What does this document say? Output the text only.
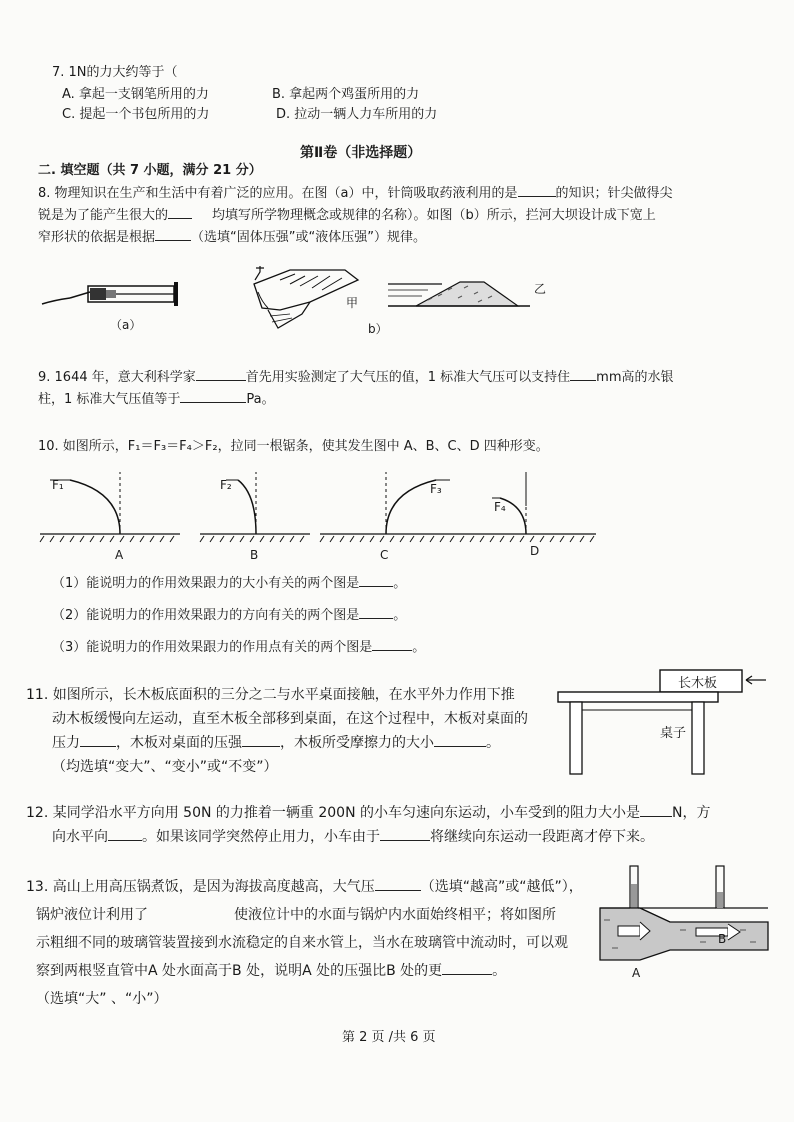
7. 1N的力大约等于（
A. 拿起一支钢笔所用的力	B. 拿起两个鸡蛋所用的力
C. 提起一个书包所用的力	D. 拉动一辆人力车所用的力
第Ⅱ卷（非选择题）
二. 填空题（共 7 小题，满分 21 分）
8. 物理知识在生产和生活中有着广泛的应用。在图（a）中，针筒吸取药液利用的是	的知识；针尖做得尖
锐是为了能产生很大的	均填写所学物理概念或规律的名称）。如图（b）所示，拦河大坝设计成下宽上
窄形状的依据是根据	（选填“固体压强”或“液体压强”）规律。
（a）	b）
甲
乙
9. 1644 年，意大利科学家	首先用实验测定了大气压的值，1 标准大气压可以支持住 mm高的水银
柱，1 标准大气压值等于	Pa。
10. 如图所示，F₁＝F₃＝F₄＞F₂，拉同一根锯条，使其发生图中 A、B、C、D 四种形变。
F₁	F₂	F₃
F₄
A	B	C	D
（1）能说明力的作用效果跟力的大小有关的两个图是	。
（2）能说明力的作用效果跟力的方向有关的两个图是	。
（3）能说明力的作用效果跟力的作用点有关的两个图是	。
11. 如图所示，长木板底面积的三分之二与水平桌面接触，在水平外力作用下推
动木板缓慢向左运动，直至木板全部移到桌面，在这个过程中，木板对桌面的
压力	，木板对桌面的压强	，木板所受摩擦力的大小	。
（均选填“变大”、“变小”或“不变”）
长木板
桌子
12. 某同学沿水平方向用 50N 的力推着一辆重 200N 的小车匀速向东运动，小车受到的阻力大小是 N，方
向水平向 。如果该同学突然停止用力，小车由于	将继续向东运动一段距离才停下来。
13. 高山上用高压锅煮饭，是因为海拔高度越高，大气压	（选填“越高”或“越低”），
锅炉液位计利用了	使液位计中的水面与锅炉内水面始终相平；将如图所
示粗细不同的玻璃管装置接到水流稳定的自来水管上，当水在玻璃管中流动时，可以观
察到两根竖直管中A 处水面高于B 处，说明A 处的压强比B 处的更	。
（选填“大” 、“小”）
A
B
第 2 页 /共 6 页
